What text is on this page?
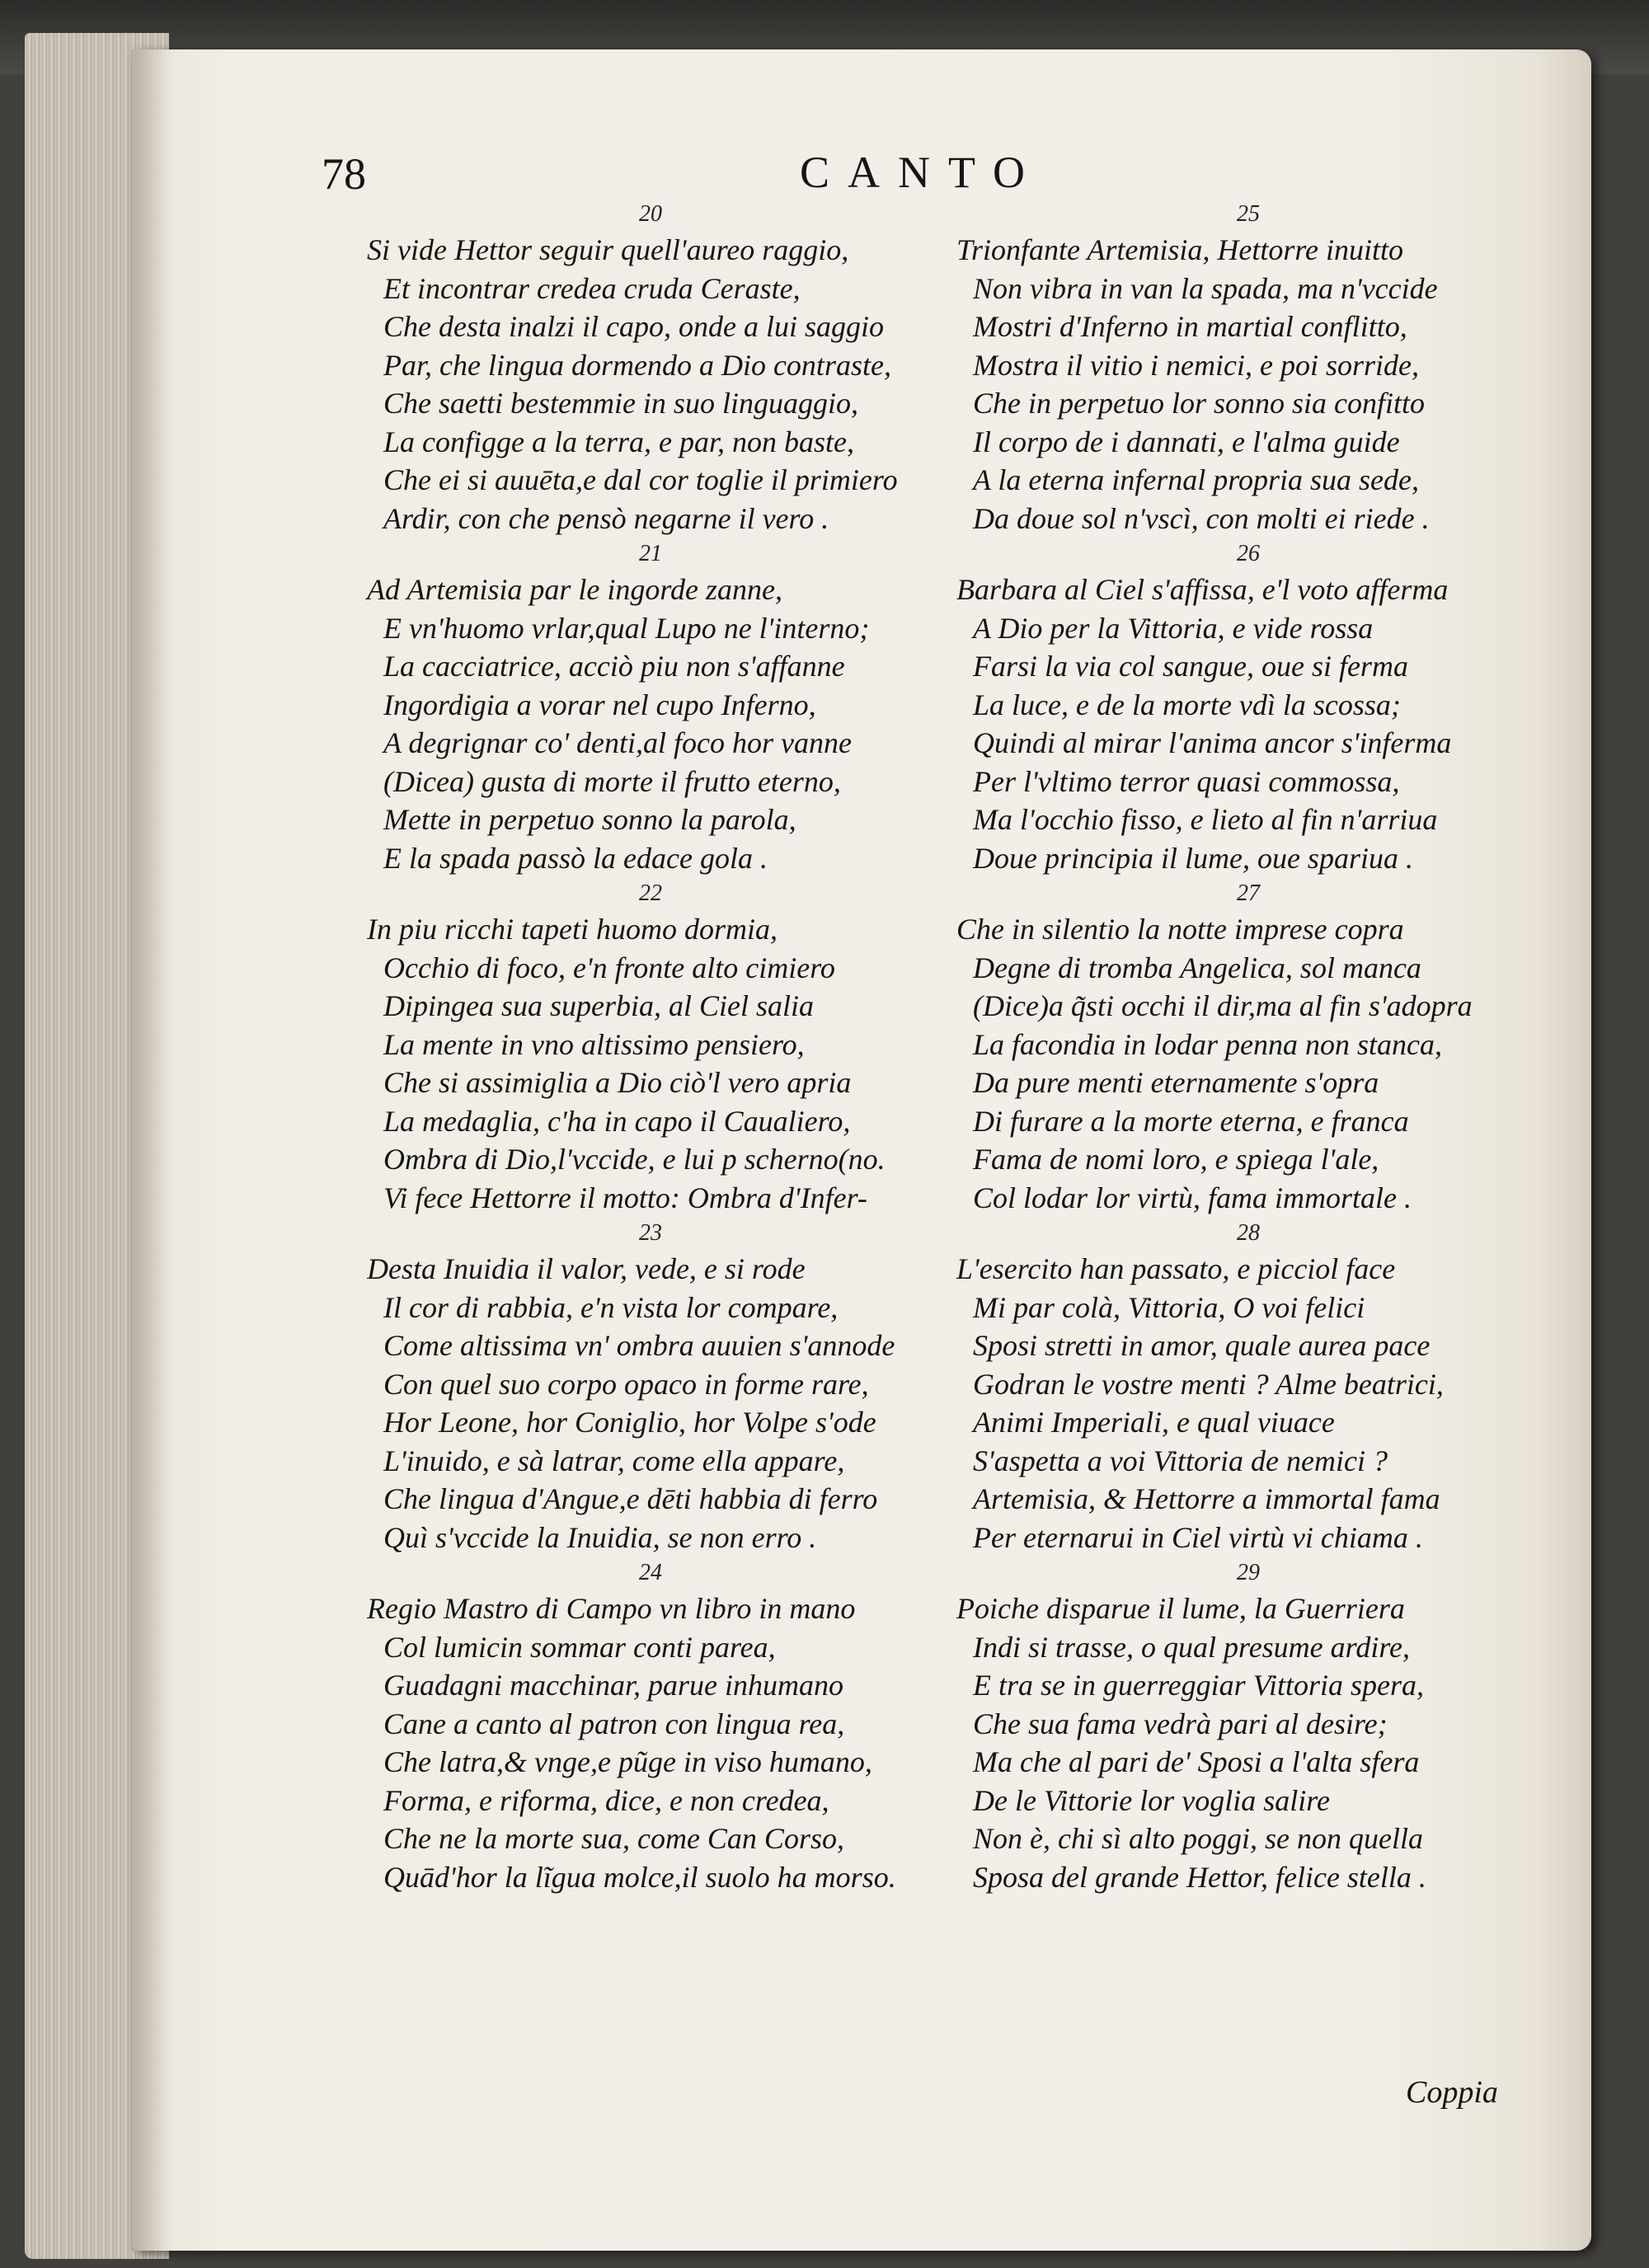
78	CANTO
20
Si vide Hettor seguir quell'aureo raggio,
Et incontrar credea cruda Ceraste,
Che desta inalzi il capo, onde a lui saggio
Par, che lingua dormendo a Dio contraste,
Che saetti bestemmie in suo linguaggio,
La configge a la terra, e par, non baste,
Che ei si auuēta,e dal cor toglie il primiero
Ardir, con che pensò negarne il vero .
21
Ad Artemisia par le ingorde zanne,
E vn'huomo vrlar,qual Lupo ne l'interno;
La cacciatrice, acciò piu non s'affanne
Ingordigia a vorar nel cupo Inferno,
A degrignar co' denti,al foco hor vanne
(Dicea) gusta di morte il frutto eterno,
Mette in perpetuo sonno la parola,
E la spada passò la edace gola .
22
In piu ricchi tapeti huomo dormia,
Occhio di foco, e'n fronte alto cimiero
Dipingea sua superbia, al Ciel salia
La mente in vno altissimo pensiero,
Che si assimiglia a Dio ciò'l vero apria
La medaglia, c'ha in capo il Caualiero,
Ombra di Dio,l'vccide, e lui p scherno(no.
Vi fece Hettorre il motto: Ombra d'Infer-
23
Desta Inuidia il valor, vede, e si rode
Il cor di rabbia, e'n vista lor compare,
Come altissima vn' ombra auuien s'annode
Con quel suo corpo opaco in forme rare,
Hor Leone, hor Coniglio, hor Volpe s'ode
L'inuido, e sà latrar, come ella appare,
Che lingua d'Angue,e dēti habbia di ferro
Quì s'vccide la Inuidia, se non erro .
24
Regio Mastro di Campo vn libro in mano
Col lumicin sommar conti parea,
Guadagni macchinar, parue inhumano
Cane a canto al patron con lingua rea,
Che latra,& vnge,e pũge in viso humano,
Forma, e riforma, dice, e non credea,
Che ne la morte sua, come Can Corso,
Quād'hor la lĩgua molce,il suolo ha morso.
25
Trionfante Artemisia, Hettorre inuitto
Non vibra in van la spada, ma n'vccide
Mostri d'Inferno in martial conflitto,
Mostra il vitio i nemici, e poi sorride,
Che in perpetuo lor sonno sia confitto
Il corpo de i dannati, e l'alma guide
A la eterna infernal propria sua sede,
Da doue sol n'vscì, con molti ei riede .
26
Barbara al Ciel s'affissa, e'l voto afferma
A Dio per la Vittoria, e vide rossa
Farsi la via col sangue, oue si ferma
La luce, e de la morte vdì la scossa;
Quindi al mirar l'anima ancor s'inferma
Per l'vltimo terror quasi commossa,
Ma l'occhio fisso, e lieto al fin n'arriua
Doue principia il lume, oue spariua .
27
Che in silentio la notte imprese copra
Degne di tromba Angelica, sol manca
(Dice)a q̃sti occhi il dir,ma al fin s'adopra
La facondia in lodar penna non stanca,
Da pure menti eternamente s'opra
Di furare a la morte eterna, e franca
Fama de nomi loro, e spiega l'ale,
Col lodar lor virtù, fama immortale .
28
L'esercito han passato, e picciol face
Mi par colà, Vittoria, O voi felici
Sposi stretti in amor, quale aurea pace
Godran le vostre menti ? Alme beatrici,
Animi Imperiali, e qual viuace
S'aspetta a voi Vittoria de nemici ?
Artemisia, & Hettorre a immortal fama
Per eternarui in Ciel virtù vi chiama .
29
Poiche disparue il lume, la Guerriera
Indi si trasse, o qual presume ardire,
E tra se in guerreggiar Vittoria spera,
Che sua fama vedrà pari al desire;
Ma che al pari de' Sposi a l'alta sfera
De le Vittorie lor voglia salire
Non è, chi sì alto poggi, se non quella
Sposa del grande Hettor, felice stella .
Coppia
